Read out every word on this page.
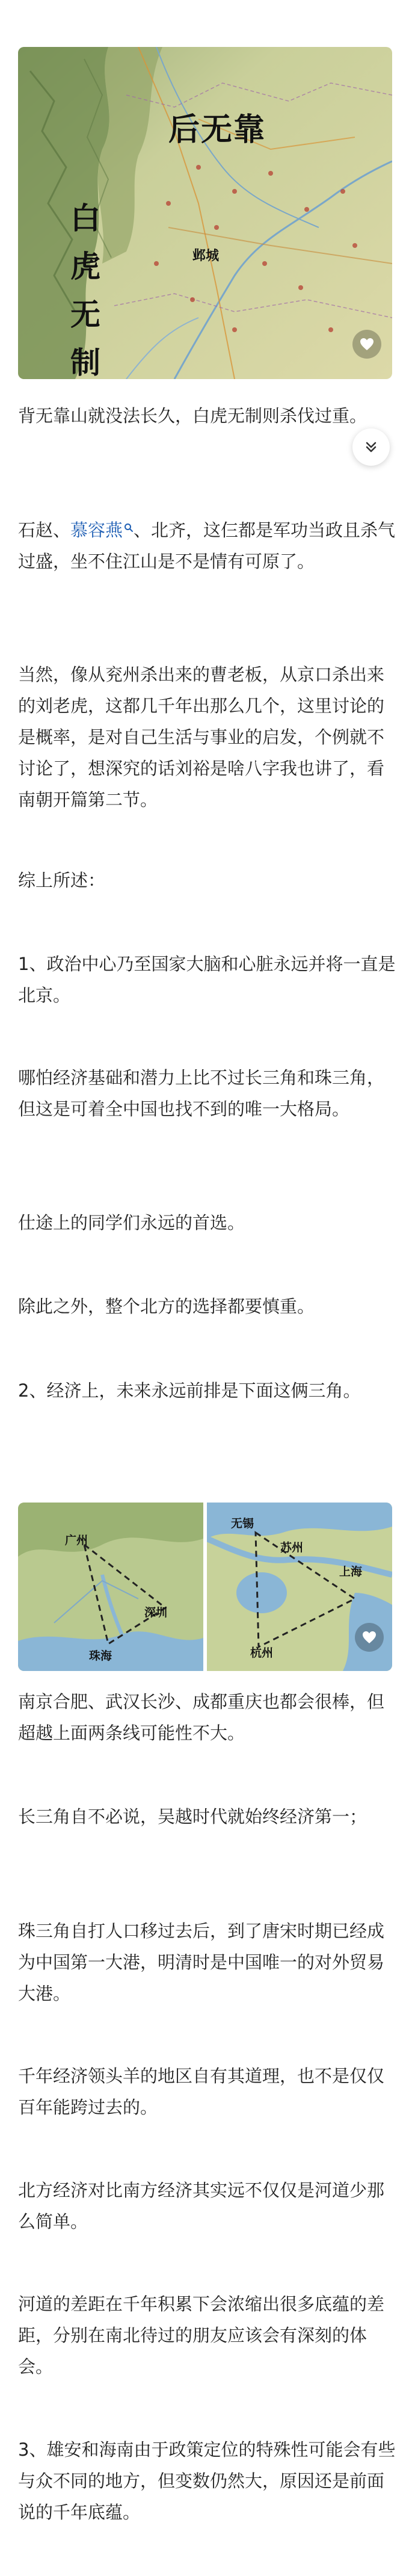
后无靠
白虎无制
邺城
背无靠山就没法长久，白虎无制则杀伐过重。
石赵、慕容燕 、北齐，这仨都是军功当政且杀气过盛，坐不住江山是不是情有可原了。
当然，像从兖州杀出来的曹老板，从京口杀出来的刘老虎，这都几千年出那么几个，这里讨论的是概率，是对自己生活与事业的启发，个例就不讨论了，想深究的话刘裕是啥八字我也讲了，看南朝开篇第二节。
综上所述：
1、政治中心乃至国家大脑和心脏永远并将一直是北京。
哪怕经济基础和潜力上比不过长三角和珠三角，但这是可着全中国也找不到的唯一大格局。
仕途上的同学们永远的首选。
除此之外，整个北方的选择都要慎重。
2、经济上，未来永远前排是下面这俩三角。
广州
深圳
珠海
无锡
苏州
上海
杭州
南京合肥、武汉长沙、成都重庆也都会很棒，但超越上面两条线可能性不大。
长三角自不必说，吴越时代就始终经济第一；
珠三角自打人口移过去后，到了唐宋时期已经成为中国第一大港，明清时是中国唯一的对外贸易大港。
千年经济领头羊的地区自有其道理，也不是仅仅百年能跨过去的。
北方经济对比南方经济其实远不仅仅是河道少那么简单。
河道的差距在千年积累下会浓缩出很多底蕴的差距，分别在南北待过的朋友应该会有深刻的体会。
3、雄安和海南由于政策定位的特殊性可能会有些与众不同的地方，但变数仍然大，原因还是前面说的千年底蕴。
